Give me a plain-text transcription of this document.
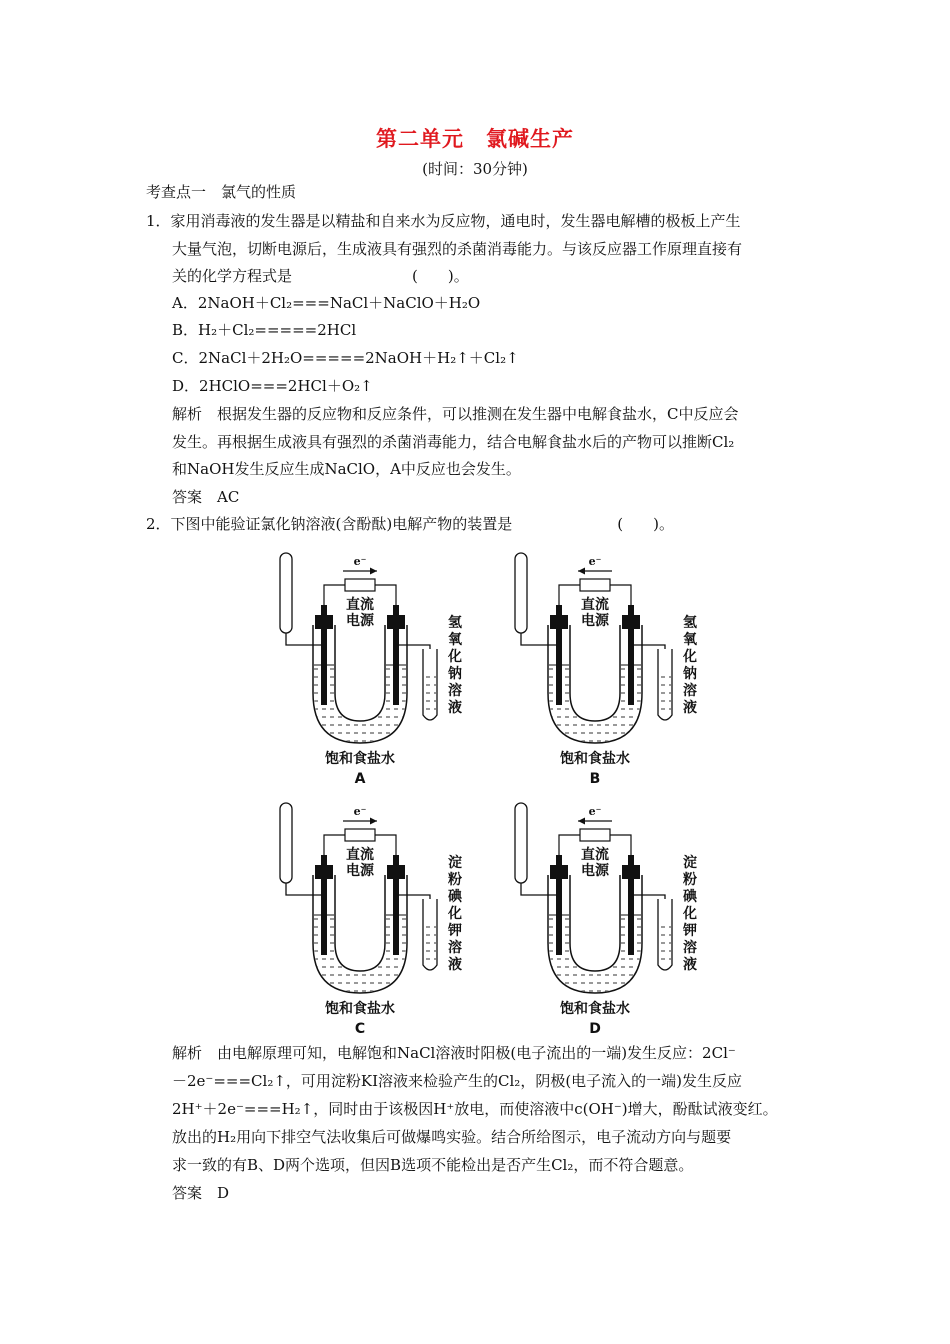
第二单元　氯碱生产
(时间：30分钟)
考查点一　氯气的性质
1．家用消毒液的发生器是以精盐和自来水为反应物，通电时，发生器电解槽的极板上产生
大量气泡，切断电源后，生成液具有强烈的杀菌消毒能力。与该反应器工作原理直接有
关的化学方程式是　　　　　　　　(　　)。
A．2NaOH＋Cl₂===NaCl＋NaClO＋H₂O
B．H₂＋Cl₂=====2HCl
C．2NaCl＋2H₂O=====2NaOH＋H₂↑＋Cl₂↑
D．2HClO===2HCl＋O₂↑
解析　根据发生器的反应物和反应条件，可以推测在发生器中电解食盐水，C中反应会
发生。再根据生成液具有强烈的杀菌消毒能力，结合电解食盐水后的产物可以推断Cl₂
和NaOH发生反应生成NaClO，A中反应也会发生。
答案　AC
2．下图中能验证氯化钠溶液(含酚酞)电解产物的装置是　　　　　　　(　　)。
e⁻
直流
电源	氢
氧
化
钠
溶
液
饱和食盐水
A
e⁻
直流
电源	氢
氧
化
钠
溶
液
饱和食盐水
B
e⁻
直流
电源	淀
粉
碘
化
钾
溶
液
饱和食盐水
C
e⁻
直流
电源	淀
粉
碘
化
钾
溶
液
饱和食盐水
D
解析　由电解原理可知，电解饱和NaCl溶液时阳极(电子流出的一端)发生反应：2Cl⁻
－2e⁻===Cl₂↑，可用淀粉KI溶液来检验产生的Cl₂，阴极(电子流入的一端)发生反应
2H⁺＋2e⁻===H₂↑，同时由于该极因H⁺放电，而使溶液中c(OH⁻)增大，酚酞试液变红。
放出的H₂用向下排空气法收集后可做爆鸣实验。结合所给图示，电子流动方向与题要
求一致的有B、D两个选项，但因B选项不能检出是否产生Cl₂，而不符合题意。
答案　D
